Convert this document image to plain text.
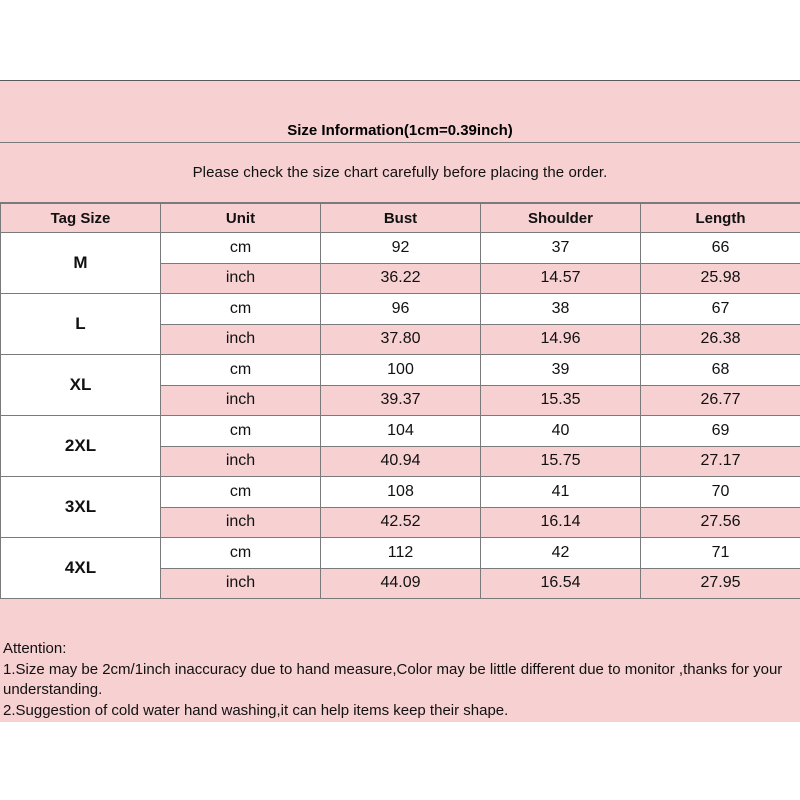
Size Information(1cm=0.39inch)
Please check the size chart carefully before placing the order.
Tag Size	Unit	Bust	Shoulder	Length
M	cm	92	37	66
	inch	36.22	14.57	25.98
L	cm	96	38	67
	inch	37.80	14.96	26.38
XL	cm	100	39	68
	inch	39.37	15.35	26.77
2XL	cm	104	40	69
	inch	40.94	15.75	27.17
3XL	cm	108	41	70
	inch	42.52	16.14	27.56
4XL	cm	112	42	71
	inch	44.09	16.54	27.95
Attention:
1.Size may be 2cm/1inch inaccuracy due to hand measure,Color may be little different due to monitor ,thanks for your understanding.
2.Suggestion of cold water hand washing,it can help items keep their shape.
